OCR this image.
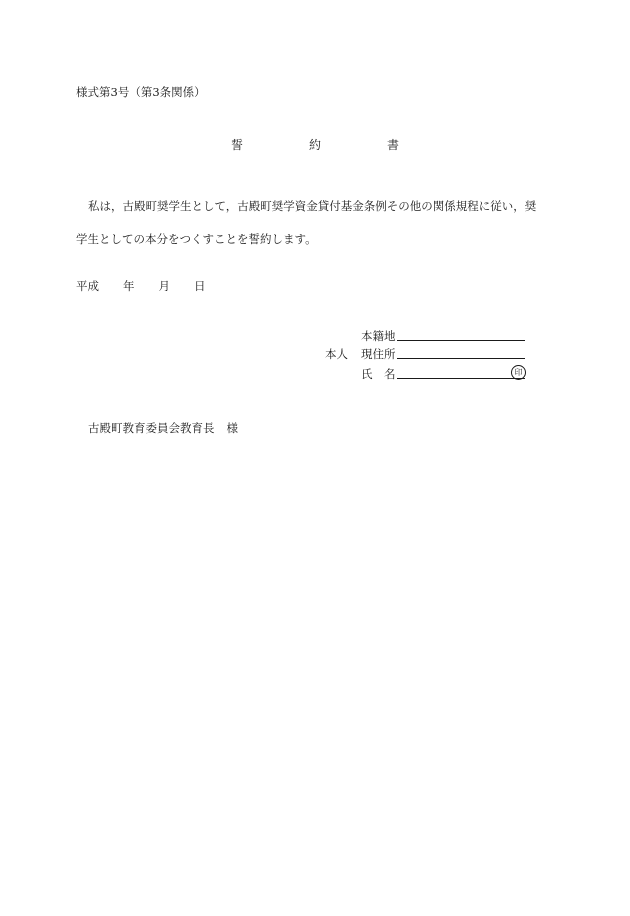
様式第3号（第3条関係）
誓	約	書
私は，古殿町奨学生として，古殿町奨学資金貸付基金条例その他の関係規程に従い，奨
学生としての本分をつくすことを誓約します。
平成 年 月 日
本籍地
本人 現住所
氏　名	印
古殿町教育委員会教育長 様
